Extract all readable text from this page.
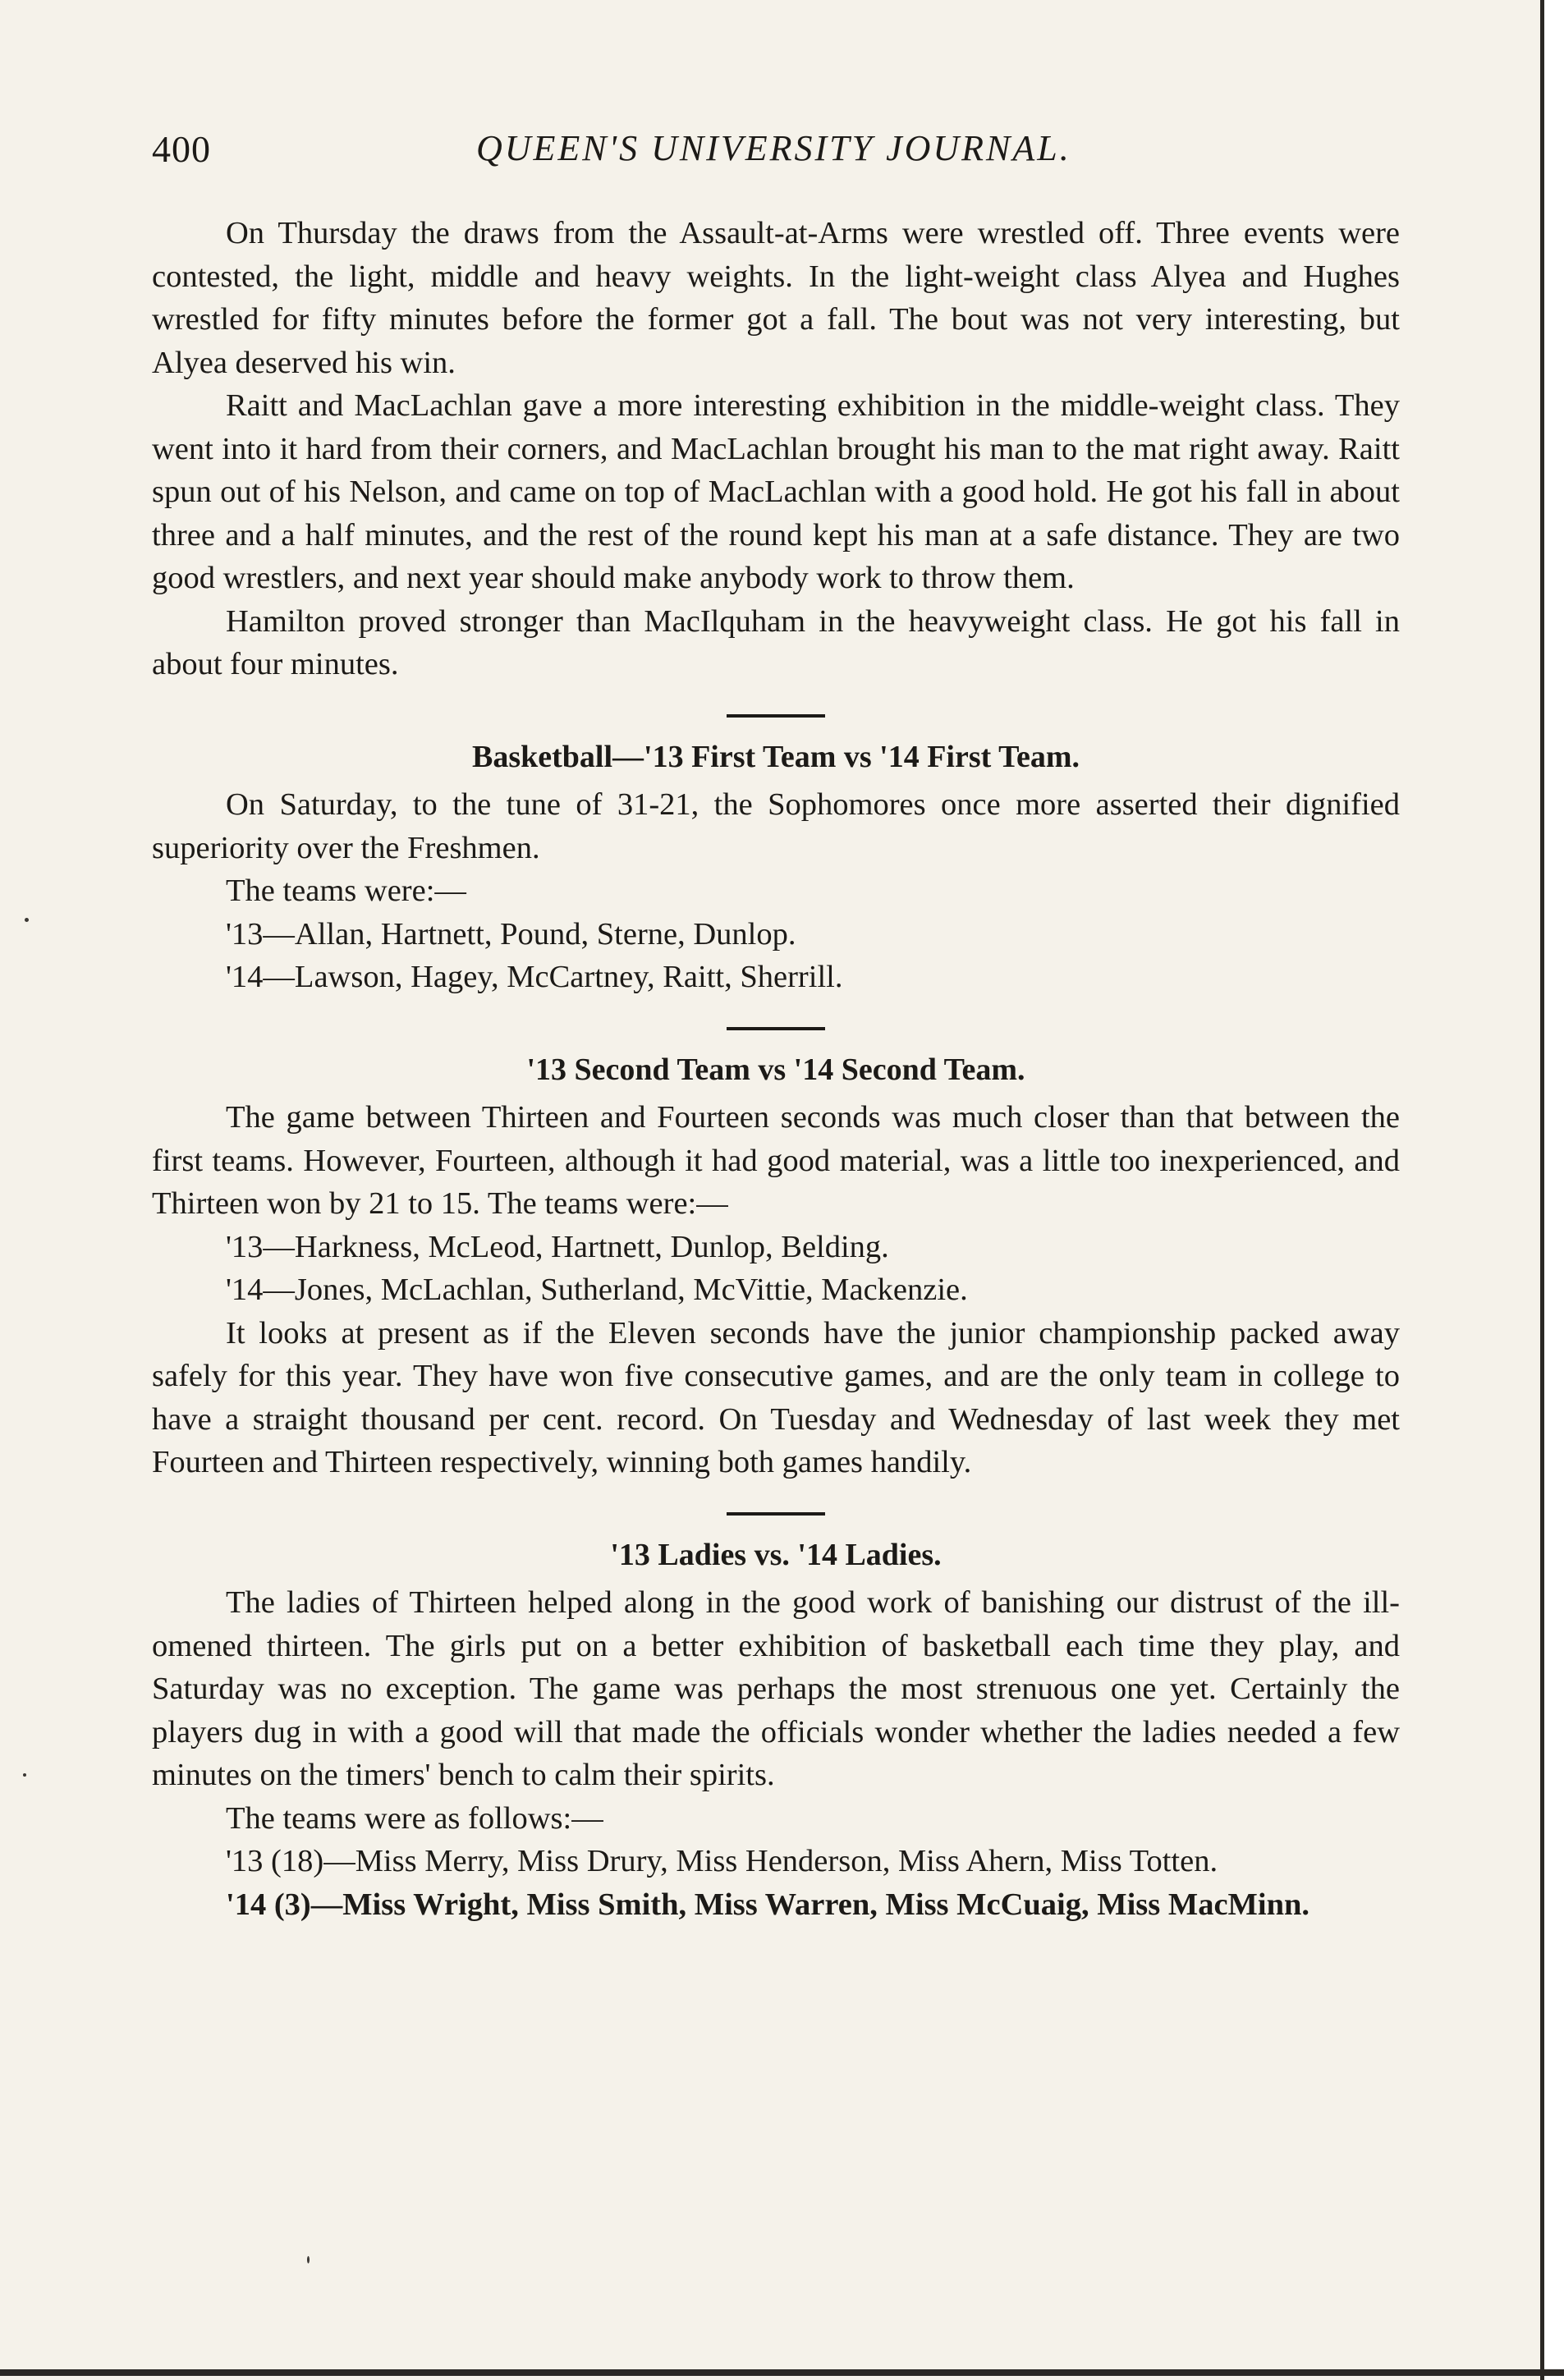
400	QUEEN'S UNIVERSITY JOURNAL.

On Thursday the draws from the Assault-at-Arms were wrestled off. Three events were contested, the light, middle and heavy weights. In the light-weight class Alyea and Hughes wrestled for fifty minutes before the former got a fall. The bout was not very interesting, but Alyea deserved his win.

Raitt and MacLachlan gave a more interesting exhibition in the middle-weight class. They went into it hard from their corners, and MacLachlan brought his man to the mat right away. Raitt spun out of his Nelson, and came on top of MacLachlan with a good hold. He got his fall in about three and a half minutes, and the rest of the round kept his man at a safe distance. They are two good wrestlers, and next year should make anybody work to throw them.

Hamilton proved stronger than MacIlquham in the heavyweight class. He got his fall in about four minutes.

Basketball—'13 First Team vs '14 First Team.

On Saturday, to the tune of 31-21, the Sophomores once more asserted their dignified superiority over the Freshmen.

The teams were:—

'13—Allan, Hartnett, Pound, Sterne, Dunlop.

'14—Lawson, Hagey, McCartney, Raitt, Sherrill.

'13 Second Team vs '14 Second Team.

The game between Thirteen and Fourteen seconds was much closer than that between the first teams. However, Fourteen, although it had good material, was a little too inexperienced, and Thirteen won by 21 to 15. The teams were:—

'13—Harkness, McLeod, Hartnett, Dunlop, Belding.

'14—Jones, McLachlan, Sutherland, McVittie, Mackenzie.

It looks at present as if the Eleven seconds have the junior championship packed away safely for this year. They have won five consecutive games, and are the only team in college to have a straight thousand per cent. record. On Tuesday and Wednesday of last week they met Fourteen and Thirteen respectively, winning both games handily.

'13 Ladies vs. '14 Ladies.

The ladies of Thirteen helped along in the good work of banishing our distrust of the ill-omened thirteen. The girls put on a better exhibition of basketball each time they play, and Saturday was no exception. The game was perhaps the most strenuous one yet. Certainly the players dug in with a good will that made the officials wonder whether the ladies needed a few minutes on the timers' bench to calm their spirits.

The teams were as follows:—

'13 (18)—Miss Merry, Miss Drury, Miss Henderson, Miss Ahern, Miss Totten.

'14 (3)—Miss Wright, Miss Smith, Miss Warren, Miss McCuaig, Miss MacMinn.
